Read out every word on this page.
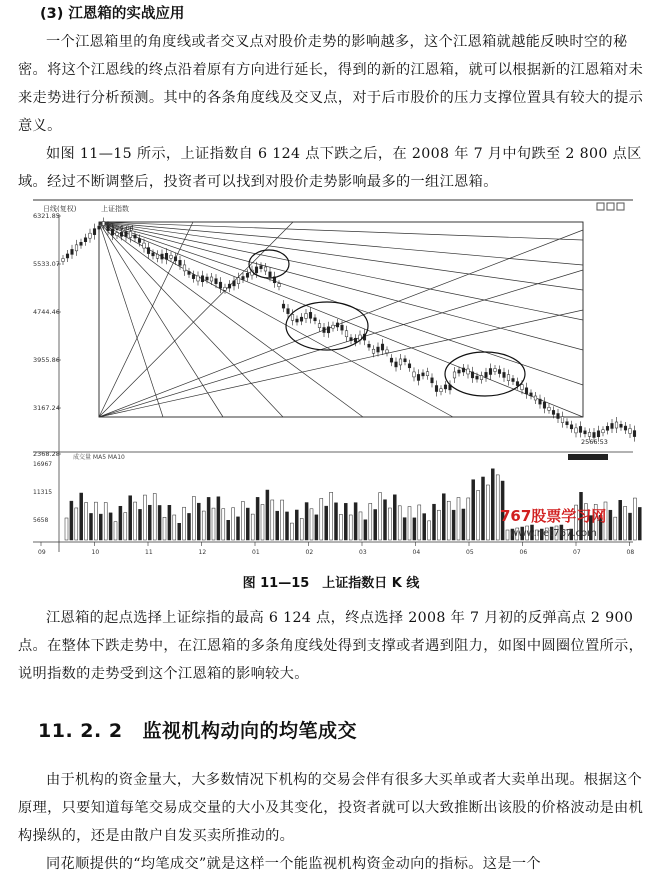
(3) 江恩箱的实战应用
一个江恩箱里的角度线或者交叉点对股价走势的影响越多，这个江恩箱就越能反映时空的秘密。将这个江恩线的终点沿着原有方向进行延长，得到的新的江恩箱，就可以根据新的江恩箱对未来走势进行分析预测。其中的各条角度线及交叉点，对于后市股价的压力支撑位置具有较大的提示意义。
如图 11—15 所示，上证指数自 6 124 点下跌之后，在 2008 年 7 月中旬跌至 2 800 点区域。经过不断调整后，投资者可以找到对股价走势影响最多的一组江恩箱。
日线(复权)	上证指数
6321.85
5533.07
4744.46
3955.86
3167.24
2368.28
6124.04
2566.53
成交量 MA5 MA10
16967
11315
5658
09	10	11	12	01	02	03	04	05	06	07	08
767股票学习网
www.net767.com
图 11—15　上证指数日 K 线
江恩箱的起点选择上证综指的最高 6 124 点，终点选择 2008 年 7 月初的反弹高点 2 900点。在整体下跌走势中，在江恩箱的多条角度线处得到支撑或者遇到阻力，如图中圆圈位置所示，说明指数的走势受到这个江恩箱的影响较大。
11. 2. 2 监视机构动向的均笔成交
由于机构的资金量大，大多数情况下机构的交易会伴有很多大买单或者大卖单出现。根据这个原理，只要知道每笔交易成交量的大小及其变化，投资者就可以大致推断出该股的价格波动是由机构操纵的，还是由散户自发买卖所推动的。
同花顺提供的“均笔成交”就是这样一个能监视机构资金动向的指标。这是一个
